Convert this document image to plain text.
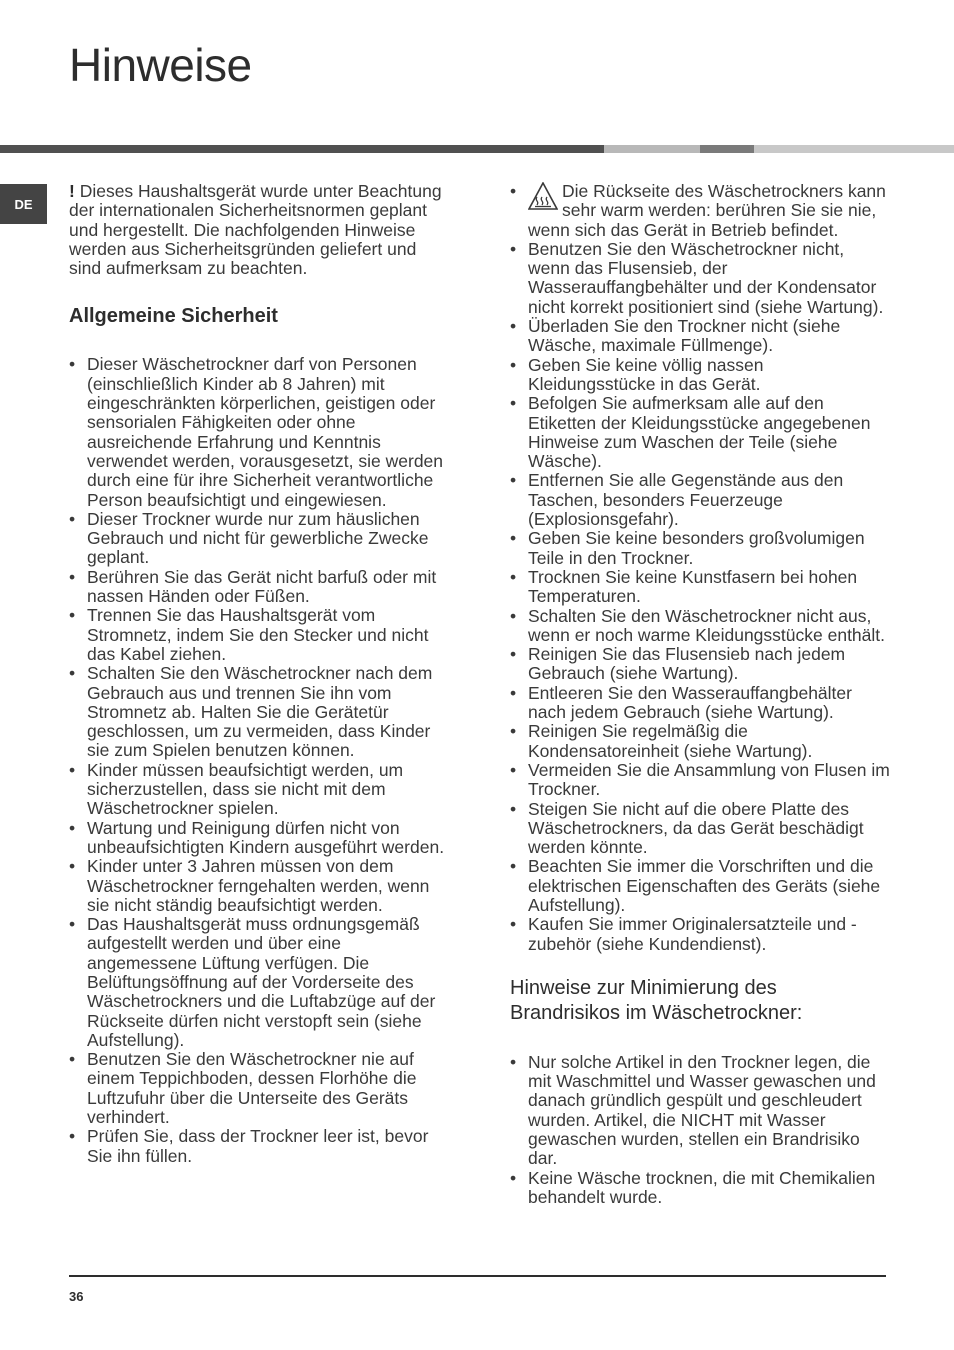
Hinweise
DE

! Dieses Haushaltsgerät wurde unter Beachtung der internationalen Sicherheitsnormen geplant und hergestellt. Die nachfolgenden Hinweise werden aus Sicherheitsgründen geliefert und sind aufmerksam zu beachten.

Allgemeine Sicherheit
• Dieser Wäschetrockner darf von Personen (einschließlich Kinder ab 8 Jahren) mit eingeschränkten körperlichen, geistigen oder sensorialen Fähigkeiten oder ohne ausreichende Erfahrung und Kenntnis verwendet werden, vorausgesetzt, sie werden durch eine für ihre Sicherheit verantwortliche Person beaufsichtigt und eingewiesen.
• Dieser Trockner wurde nur zum häuslichen Gebrauch und nicht für gewerbliche Zwecke geplant.
• Berühren Sie das Gerät nicht barfuß oder mit nassen Händen oder Füßen.
• Trennen Sie das Haushaltsgerät vom Stromnetz, indem Sie den Stecker und nicht das Kabel ziehen.
• Schalten Sie den Wäschetrockner nach dem Gebrauch aus und trennen Sie ihn vom Stromnetz ab. Halten Sie die Gerätetür geschlossen, um zu vermeiden, dass Kinder sie zum Spielen benutzen können.
• Kinder müssen beaufsichtigt werden, um sicherzustellen, dass sie nicht mit dem Wäschetrockner spielen.
• Wartung und Reinigung dürfen nicht von unbeaufsichtigten Kindern ausgeführt werden.
• Kinder unter 3 Jahren müssen von dem Wäschetrockner ferngehalten werden, wenn sie nicht ständig beaufsichtigt werden.
• Das Haushaltsgerät muss ordnungsgemäß aufgestellt werden und über eine angemessene Lüftung verfügen. Die Belüftungsöffnung auf der Vorderseite des Wäschetrockners und die Luftabzüge auf der Rückseite dürfen nicht verstopft sein (siehe Aufstellung).
• Benutzen Sie den Wäschetrockner nie auf einem Teppichboden, dessen Florhöhe die Luftzufuhr über die Unterseite des Geräts verhindert.
• Prüfen Sie, dass der Trockner leer ist, bevor Sie ihn füllen.
• Die Rückseite des Wäschetrockners kann sehr warm werden: berühren Sie sie nie, wenn sich das Gerät in Betrieb befindet.
• Benutzen Sie den Wäschetrockner nicht, wenn das Flusensieb, der Wasserauffangbehälter und der Kondensator nicht korrekt positioniert sind (siehe Wartung).
• Überladen Sie den Trockner nicht (siehe Wäsche, maximale Füllmenge).
• Geben Sie keine völlig nassen Kleidungsstücke in das Gerät.
• Befolgen Sie aufmerksam alle auf den Etiketten der Kleidungsstücke angegebenen Hinweise zum Waschen der Teile (siehe Wäsche).
• Entfernen Sie alle Gegenstände aus den Taschen, besonders Feuerzeuge (Explosionsgefahr).
• Geben Sie keine besonders großvolumigen Teile in den Trockner.
• Trocknen Sie keine Kunstfasern bei hohen Temperaturen.
• Schalten Sie den Wäschetrockner nicht aus, wenn er noch warme Kleidungsstücke enthält.
• Reinigen Sie das Flusensieb nach jedem Gebrauch (siehe Wartung).
• Entleeren Sie den Wasserauffangbehälter nach jedem Gebrauch (siehe Wartung).
• Reinigen Sie regelmäßig die Kondensatoreinheit (siehe Wartung).
• Vermeiden Sie die Ansammlung von Flusen im Trockner.
• Steigen Sie nicht auf die obere Platte des Wäschetrockners, da das Gerät beschädigt werden könnte.
• Beachten Sie immer die Vorschriften und die elektrischen Eigenschaften des Geräts (siehe Aufstellung).
• Kaufen Sie immer Originalersatzteile und -zubehör (siehe Kundendienst).
Hinweise zur Minimierung des Brandrisikos im Wäschetrockner:
• Nur solche Artikel in den Trockner legen, die mit Waschmittel und Wasser gewaschen und danach gründlich gespült und geschleudert wurden. Artikel, die NICHT mit Wasser gewaschen wurden, stellen ein Brandrisiko dar.
• Keine Wäsche trocknen, die mit Chemikalien behandelt wurde.
36
